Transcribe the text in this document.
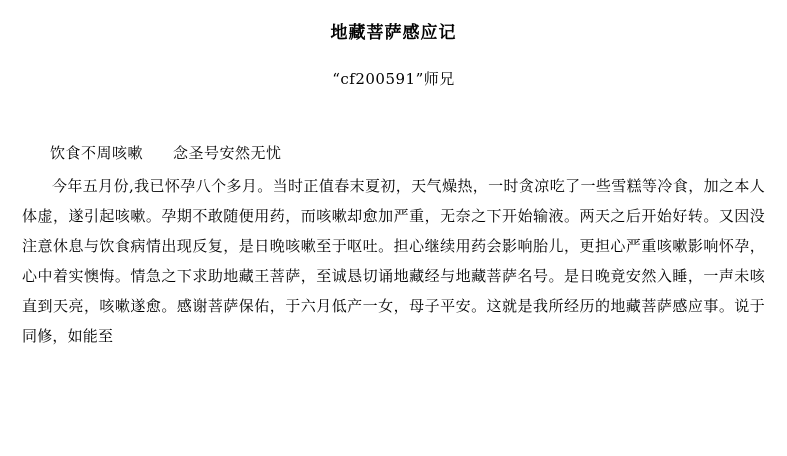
地藏菩萨感应记
“cf200591”师兄
饮食不周咳嗽 念圣号安然无忧
今年五月份,我已怀孕八个多月。当时正值春末夏初，天气燥热，一时贪凉吃了一些雪糕等冷食，加之本人体虚，遂引起咳嗽。孕期不敢随便用药，而咳嗽却愈加严重，无奈之下开始输液。两天之后开始好转。又因没注意休息与饮食病情出现反复，是日晚咳嗽至于呕吐。担心继续用药会影响胎儿，更担心严重咳嗽影响怀孕，心中着实懊悔。情急之下求助地藏王菩萨，至诚恳切诵地藏经与地藏菩萨名号。是日晚竟安然入睡，一声未咳直到天亮，咳嗽遂愈。感谢菩萨保佑，于六月低产一女，母子平安。这就是我所经历的地藏菩萨感应事。说于同修，如能至
